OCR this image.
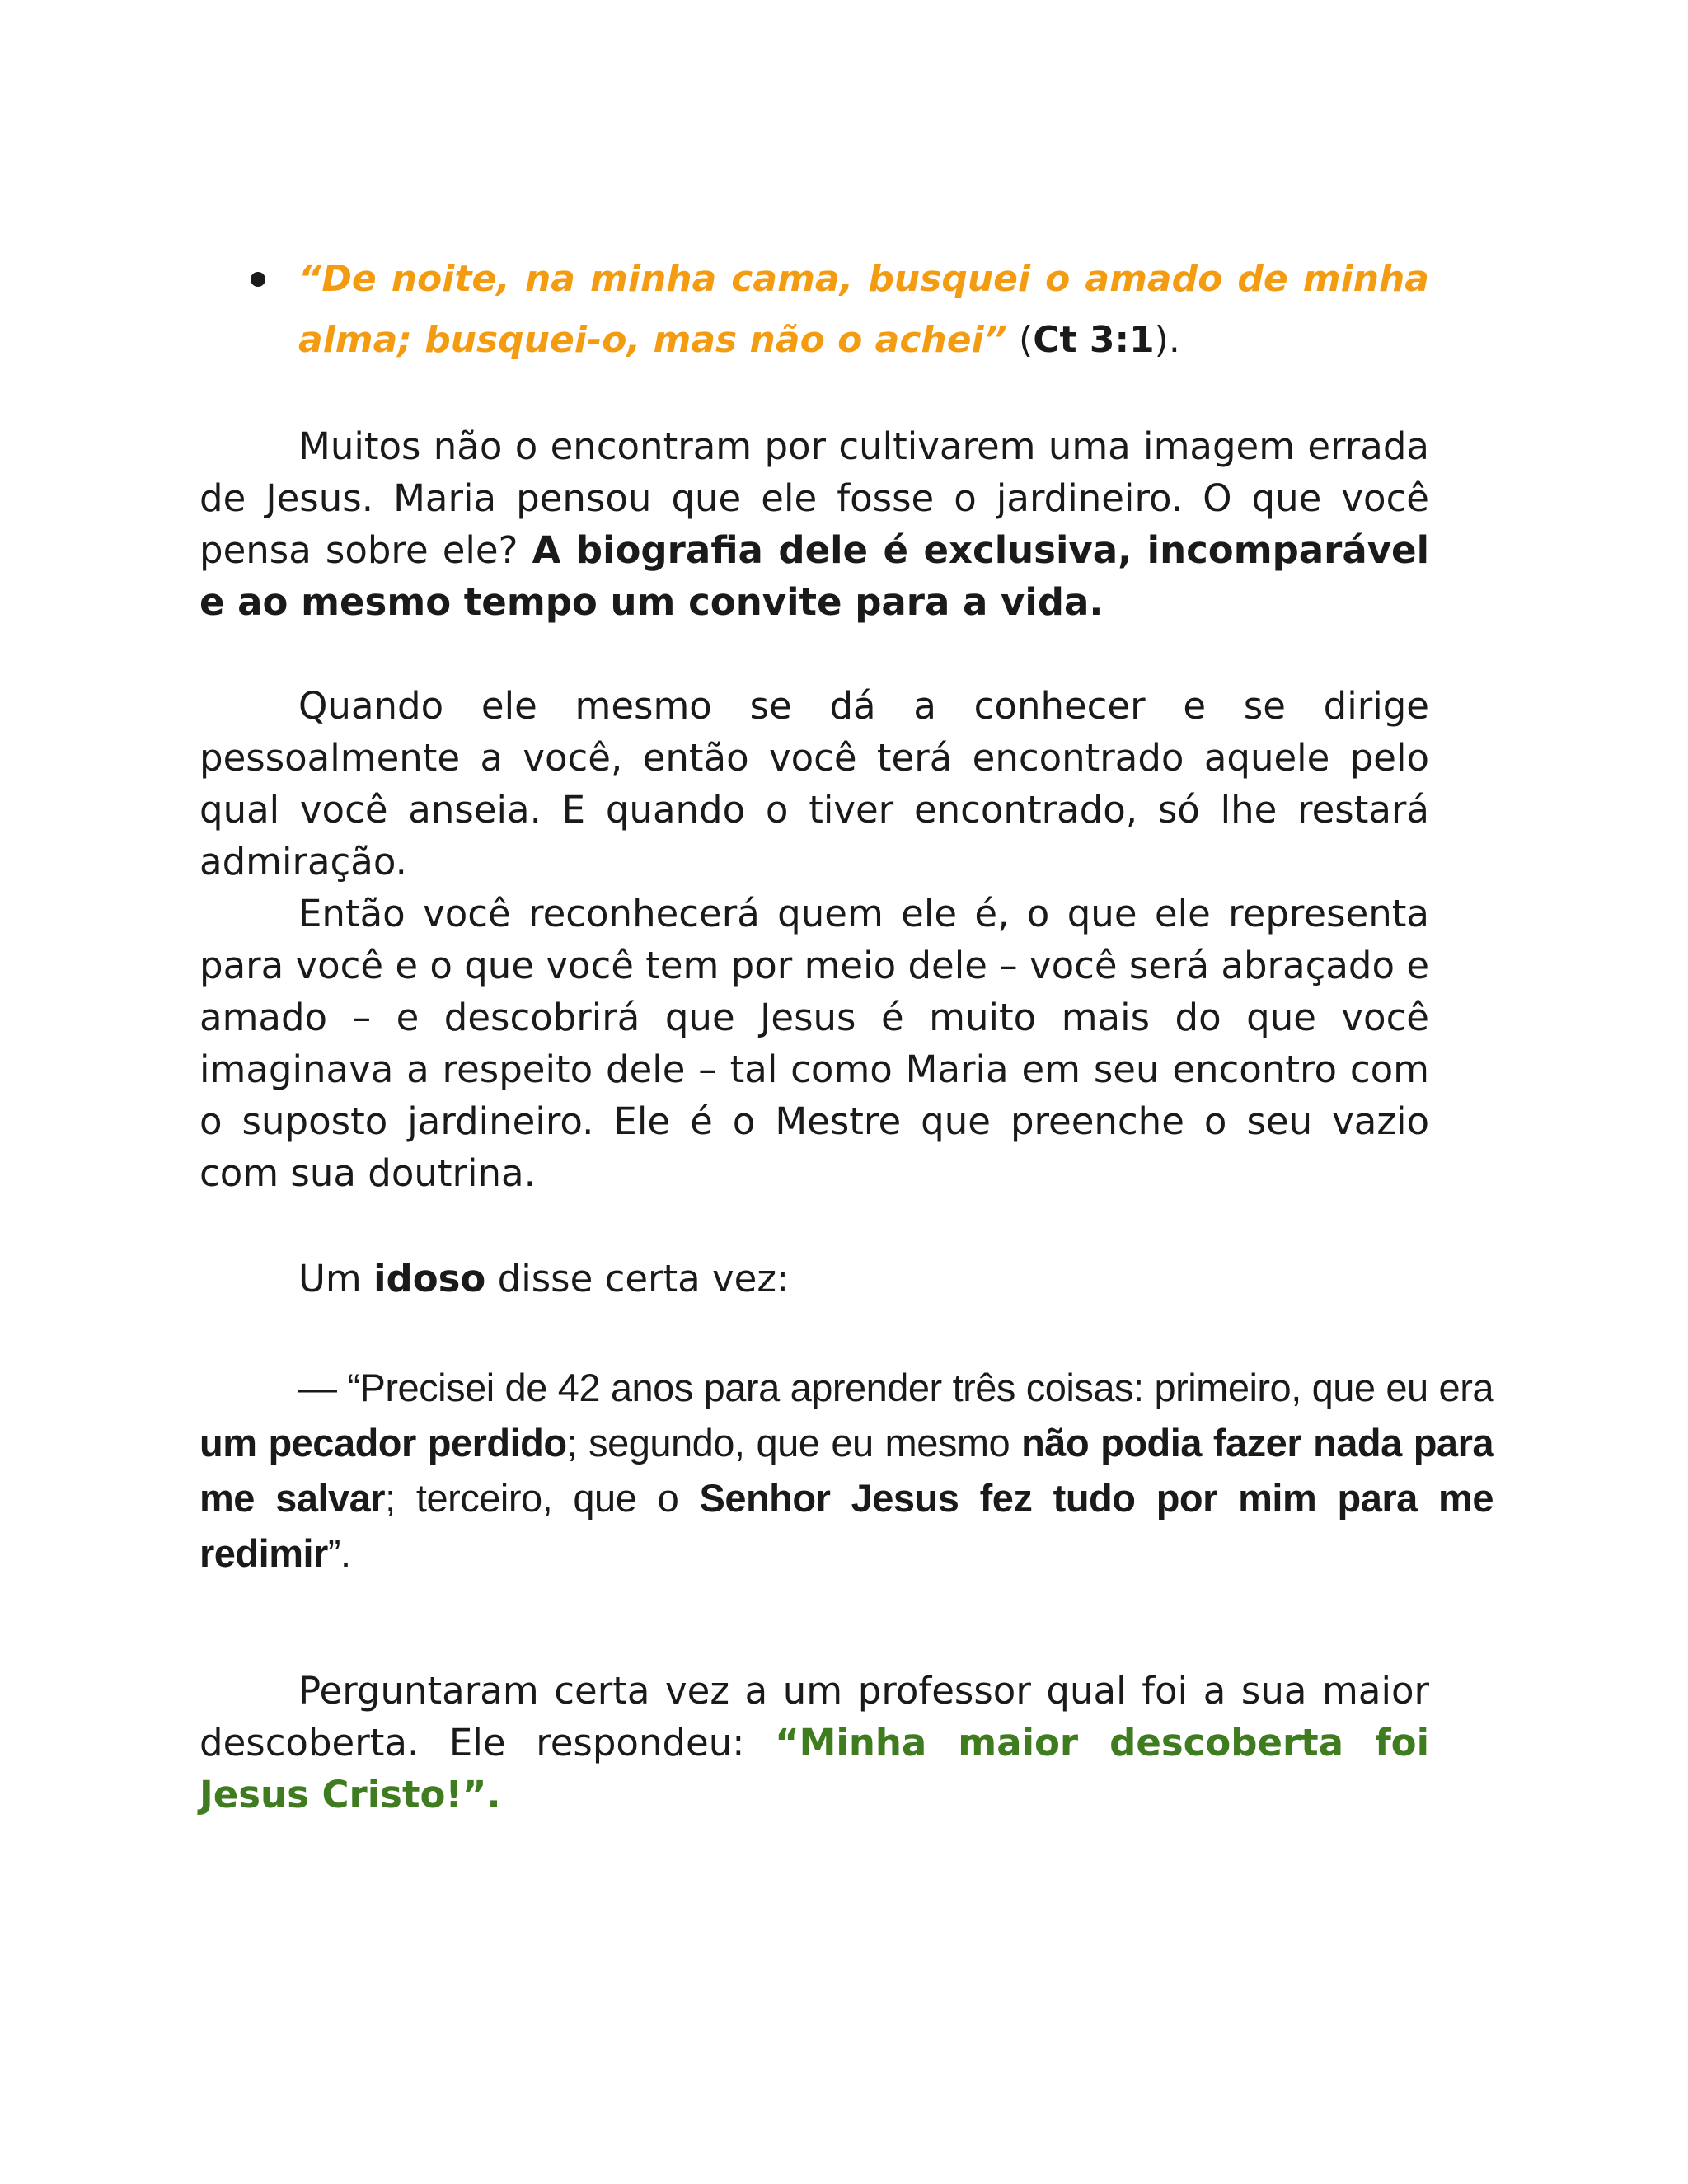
“De noite, na minha cama, busquei o amado de minha alma; busquei-o, mas não o achei” (Ct 3:1).

Muitos não o encontram por cultivarem uma imagem errada de Jesus. Maria pensou que ele fosse o jardineiro. O que você pensa sobre ele? A biografia dele é exclusiva, incomparável e ao mesmo tempo um convite para a vida.

Quando ele mesmo se dá a conhecer e se dirige pessoalmente a você, então você terá encontrado aquele pelo qual você anseia. E quando o tiver encontrado, só lhe restará admiração.

Então você reconhecerá quem ele é, o que ele representa para você e o que você tem por meio dele – você será abraçado e amado – e descobrirá que Jesus é muito mais do que você imaginava a respeito dele – tal como Maria em seu encontro com o suposto jardineiro. Ele é o Mestre que preenche o seu vazio com sua doutrina.

Um idoso disse certa vez:

— “Precisei de 42 anos para aprender três coisas: primeiro, que eu era um pecador perdido; segundo, que eu mesmo não podia fazer nada para me salvar; terceiro, que o Senhor Jesus fez tudo por mim para me redimir”.

Perguntaram certa vez a um professor qual foi a sua maior descoberta. Ele respondeu: “Minha maior descoberta foi Jesus Cristo!”.
